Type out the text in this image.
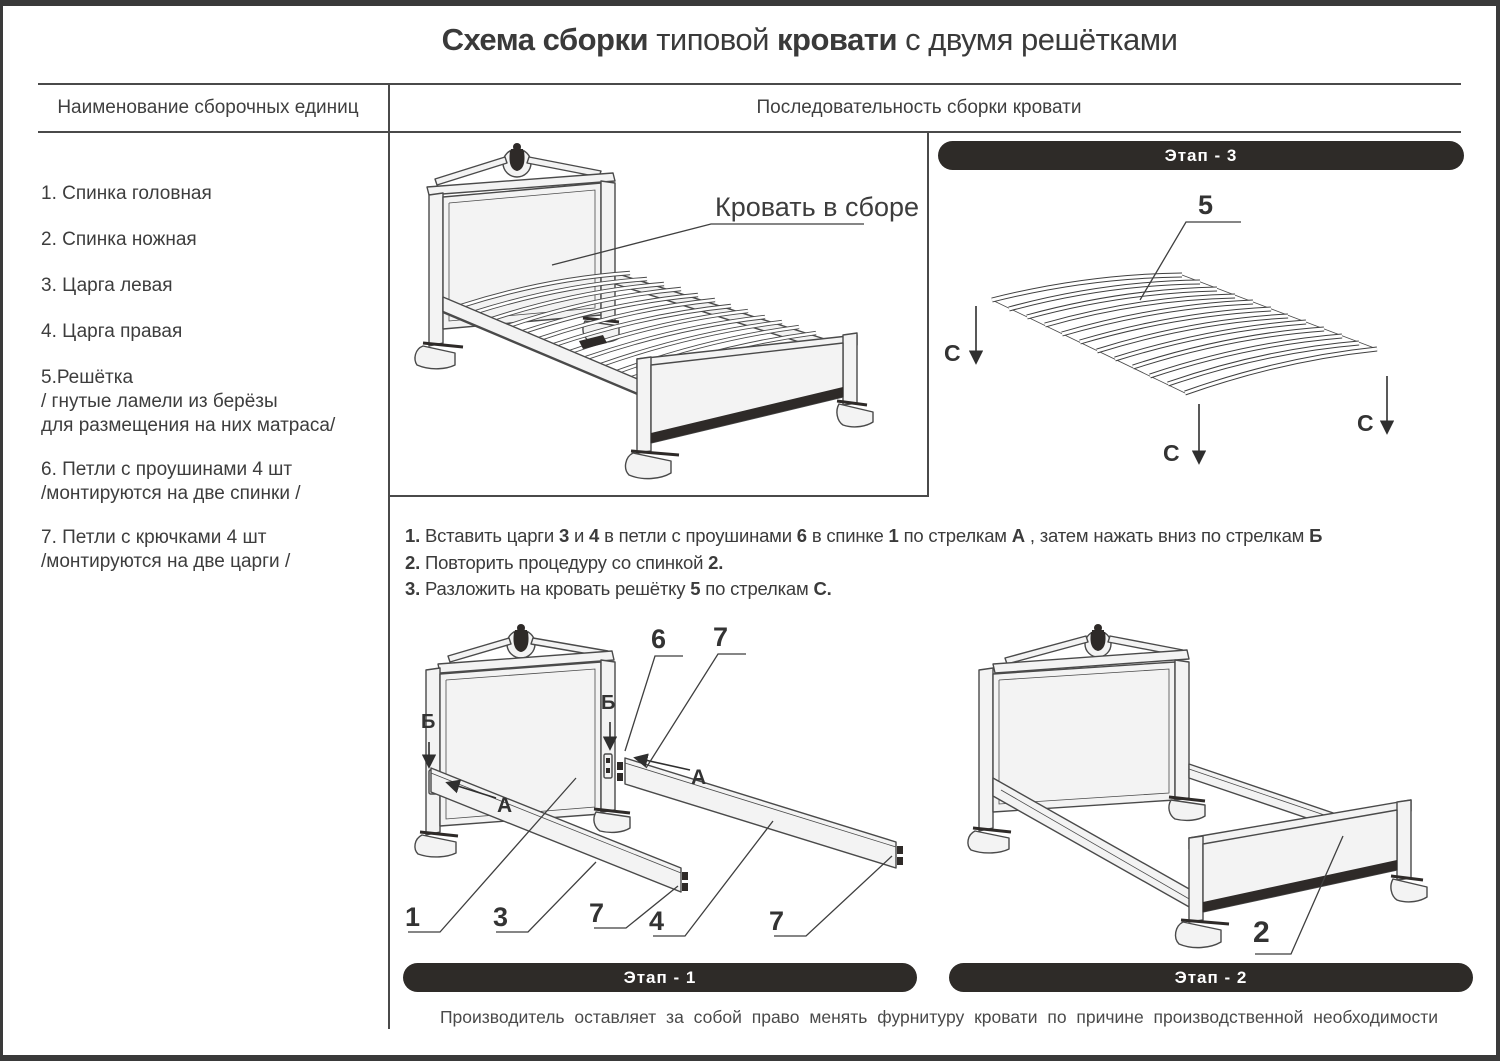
Схема сборки типовой кровати с двумя решётками
Наименование сборочных единиц	Последовательность сборки кровати
1. Спинка головная
2. Спинка ножная
3. Царга левая
4. Царга правая
5.Решётка
/ гнутые ламели из берёзы
для размещения на них матраса/
6. Петли с проушинами 4 шт
/монтируются на две спинки /
7. Петли с крючками 4 шт
/монтируются на две царги /
Кровать в сборе
Этап - 3
5
C
C
C
1. Вставить царги 3 и 4 в петли с проушинами 6 в спинке 1 по стрелкам А , затем нажать вниз по стрелкам Б
2. Повторить процедуру со спинкой 2.
3. Разложить на кровать решётку 5 по стрелкам С.
Б
Б
6 7
A
A
1	3	7 4	7	2
Этап - 1	Этап - 2
Производитель оставляет за собой право менять фурнитуру кровати по причине производственной необходимости
